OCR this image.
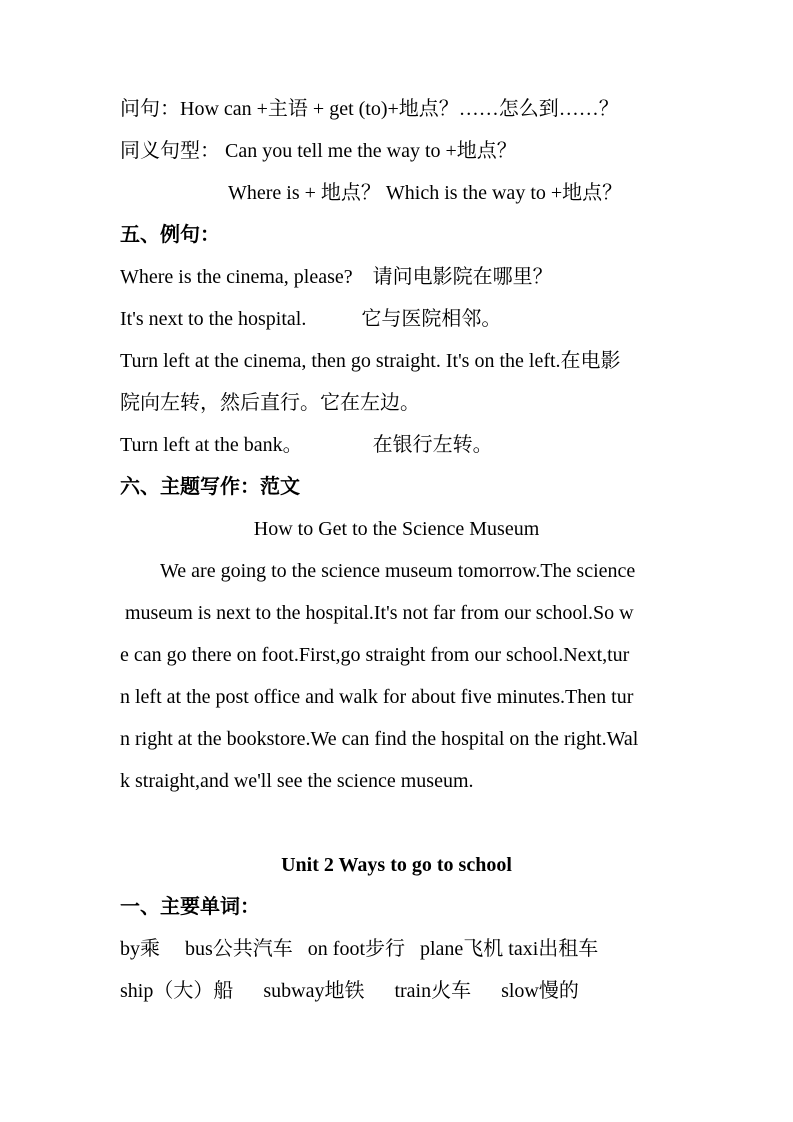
问句：How can +主语 + get (to)+地点？……怎么到……？
同义句型： Can you tell me the way to +地点？
Where is + 地点？ Which is the way to +地点？
五、例句：
Where is the cinema, please?    请问电影院在哪里？
It's next to the hospital.           它与医院相邻。
Turn left at the cinema, then go straight. It's on the left.在电影
院向左转，然后直行。它在左边。
Turn left at the bank。              在银行左转。
六、主题写作：范文
How to Get to the Science Museum
We are going to the science museum tomorrow.The science
museum is next to the hospital.It's not far from our school.So w
e can go there on foot.First,go straight from our school.Next,tur
n left at the post office and walk for about five minutes.Then tur
n right at the bookstore.We can find the hospital on the right.Wal
k straight,and we'll see the science museum.
Unit 2 Ways to go to school
一、主要单词：
by乘     bus公共汽车   on foot步行   plane飞机 taxi出租车
ship（大）船      subway地铁      train火车      slow慢的
